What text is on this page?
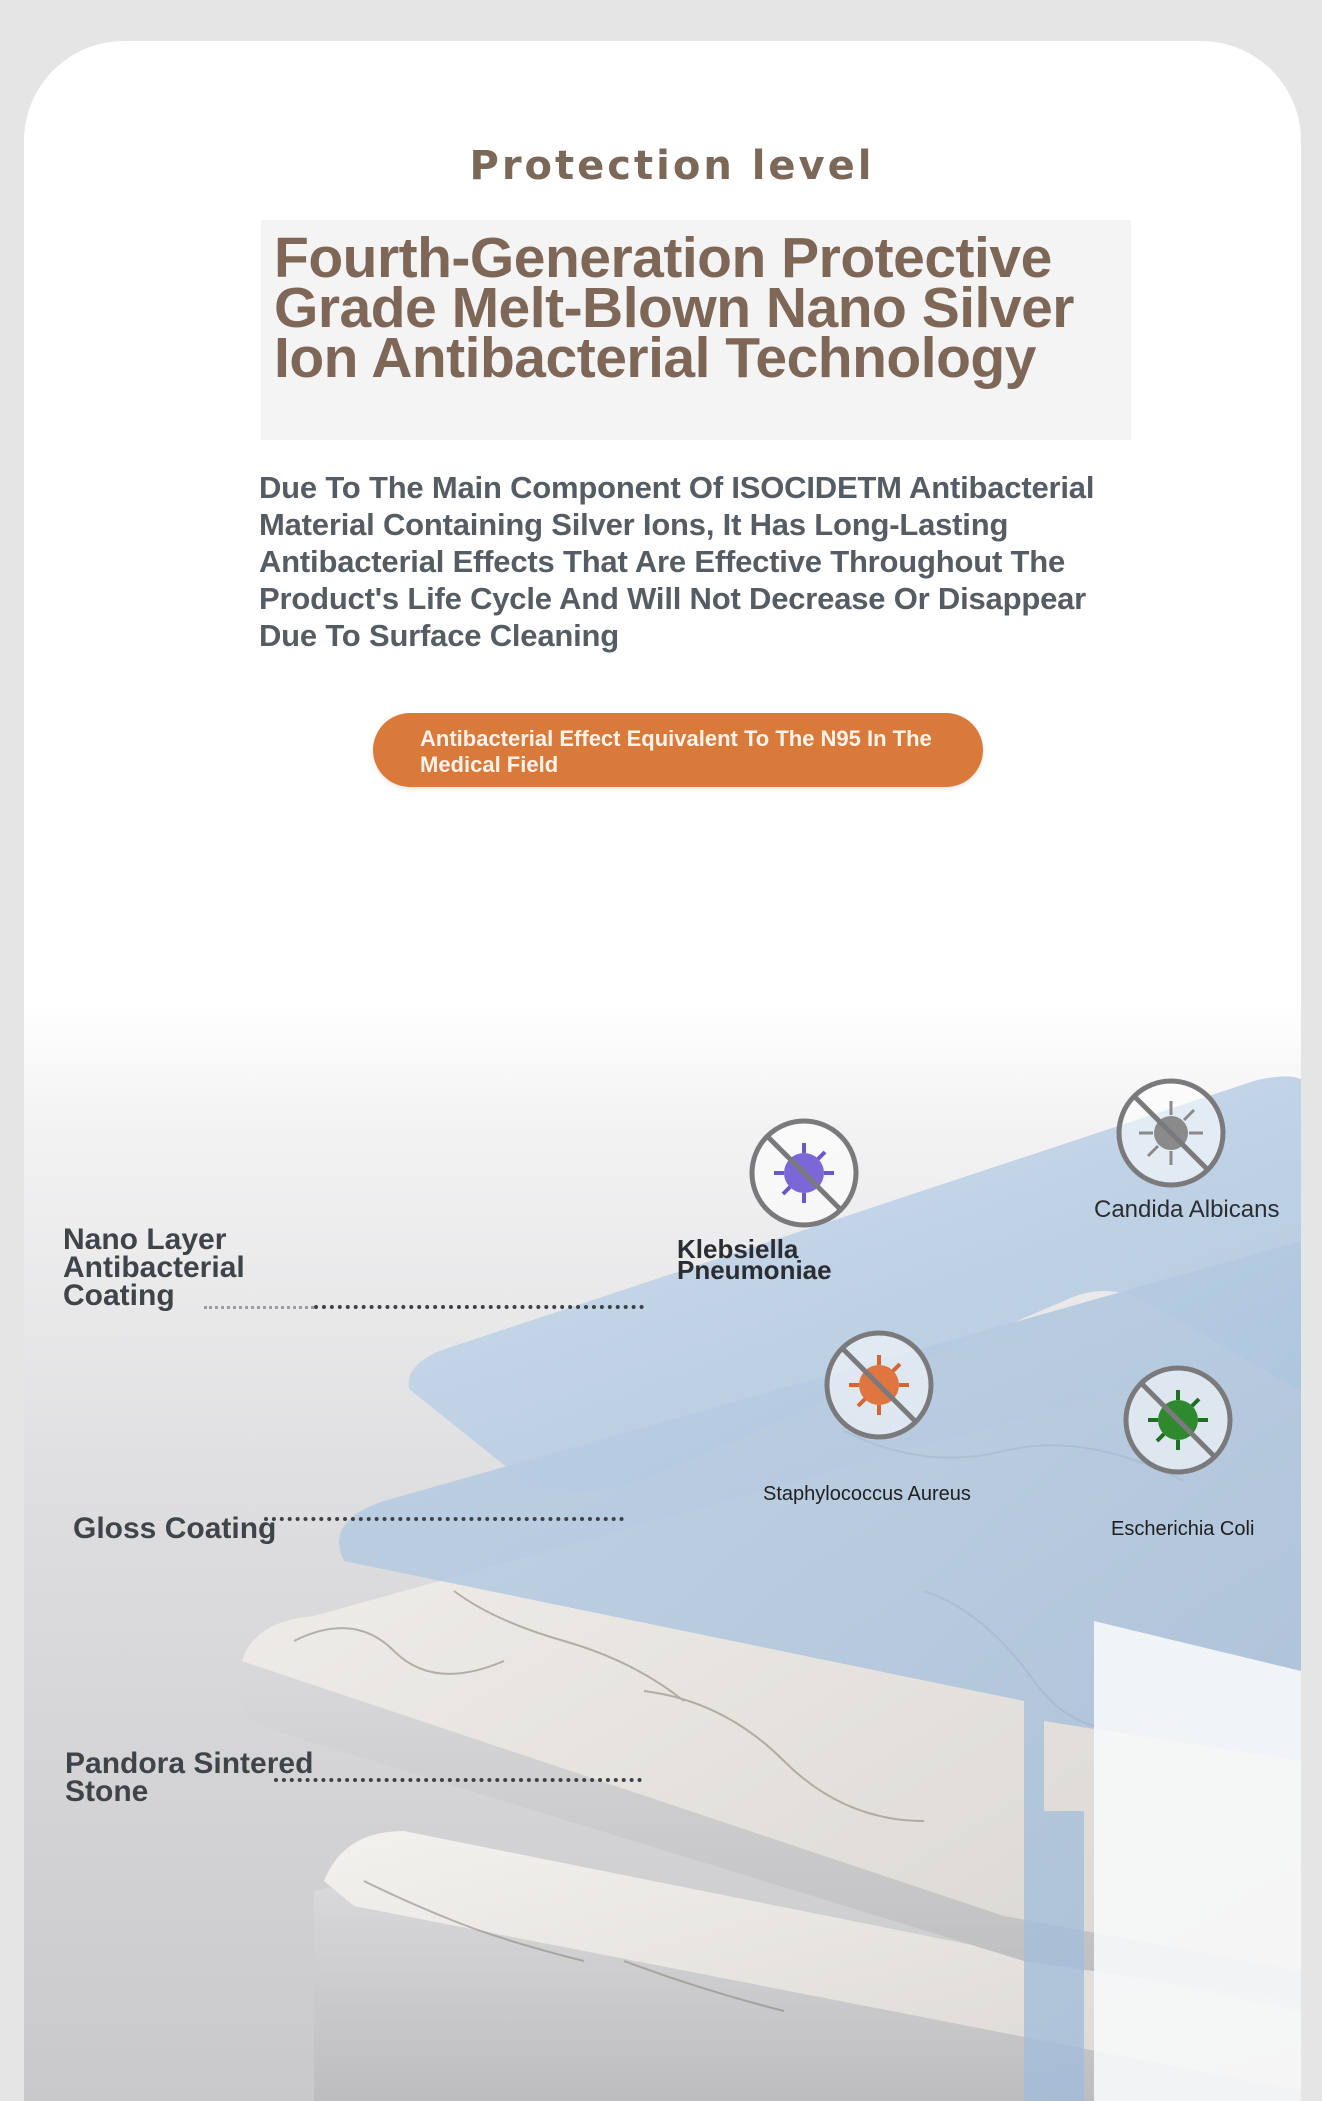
Protection level
Fourth-Generation Protective Grade Melt-Blown Nano Silver Ion Antibacterial Technology

Due To The Main Component Of ISOCIDETM Antibacterial Material Containing Silver Ions, It Has Long-Lasting Antibacterial Effects That Are Effective Throughout The Product's Life Cycle And Will Not Decrease Or Disappear Due To Surface Cleaning

Antibacterial Effect Equivalent To The N95 In The Medical Field

Nano Layer Antibacterial Coating

Gloss Coating

Pandora Sintered Stone

Klebsiella Pneumoniae

Candida Albicans

Staphylococcus Aureus

Escherichia Coli
